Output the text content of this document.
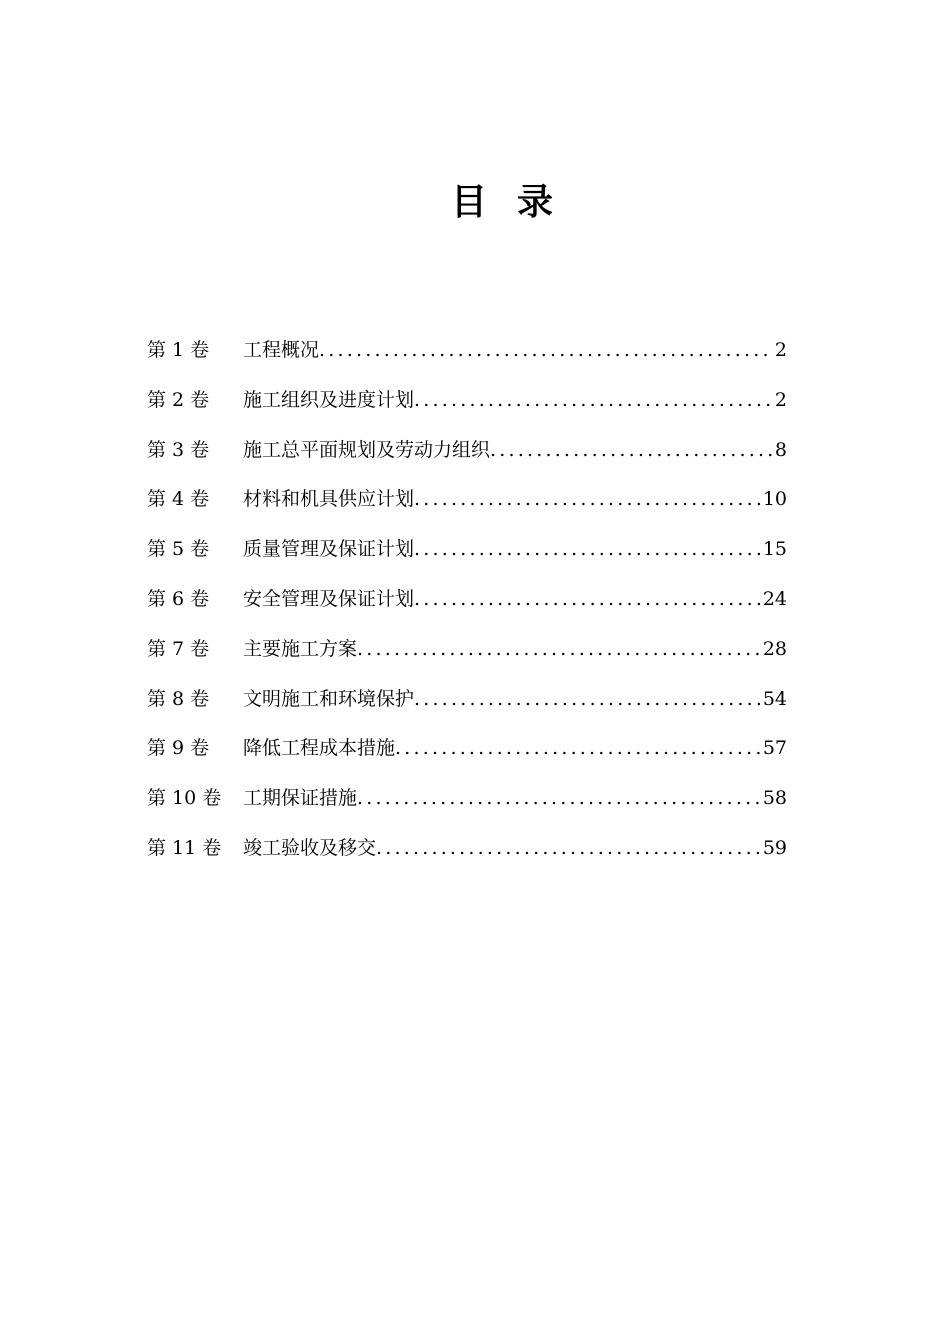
目 录
第 1 卷	工程概况 .....	2
第 2 卷	施工组织及进度计划 .....	2
第 3 卷	施工总平面规划及劳动力组织 .....	8
第 4 卷	材料和机具供应计划 .....	10
第 5 卷	质量管理及保证计划 .....	15
第 6 卷	安全管理及保证计划 .....	24
第 7 卷	主要施工方案 .....	28
第 8 卷	文明施工和环境保护 .....	54
第 9 卷	降低工程成本措施 .....	57
第 10 卷	工期保证措施 .....	58
第 11 卷	竣工验收及移交 .....	59
